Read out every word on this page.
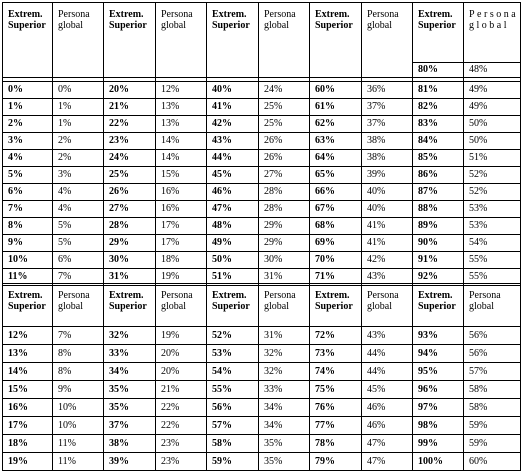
Extrem. Superior	Persona global	Extrem. Superior	Persona global	Extrem. Superior	Persona global	Extrem. Superior	Persona global	Extrem. Superior	Persona global
								80%	48%

0%	0%	20%	12%	40%	24%	60%	36%	81%	49%
1%	1%	21%	13%	41%	25%	61%	37%	82%	49%
2%	1%	22%	13%	42%	25%	62%	37%	83%	50%
3%	2%	23%	14%	43%	26%	63%	38%	84%	50%
4%	2%	24%	14%	44%	26%	64%	38%	85%	51%
5%	3%	25%	15%	45%	27%	65%	39%	86%	52%
6%	4%	26%	16%	46%	28%	66%	40%	87%	52%
7%	4%	27%	16%	47%	28%	67%	40%	88%	53%
8%	5%	28%	17%	48%	29%	68%	41%	89%	53%
9%	5%	29%	17%	49%	29%	69%	41%	90%	54%
10%	6%	30%	18%	50%	30%	70%	42%	91%	55%
11%	7%	31%	19%	51%	31%	71%	43%	92%	55%
Extrem. Superior	Persona global	Extrem. Superior	Persona global	Extrem. Superior	Persona global	Extrem. Superior	Persona global	Extrem. Superior	Persona global
12%	7%	32%	19%	52%	31%	72%	43%	93%	56%
13%	8%	33%	20%	53%	32%	73%	44%	94%	56%
14%	8%	34%	20%	54%	32%	74%	44%	95%	57%
15%	9%	35%	21%	55%	33%	75%	45%	96%	58%
16%	10%	35%	22%	56%	34%	76%	46%	97%	58%
17%	10%	37%	22%	57%	34%	77%	46%	98%	59%
18%	11%	38%	23%	58%	35%	78%	47%	99%	59%
19%	11%	39%	23%	59%	35%	79%	47%	100%	60%
